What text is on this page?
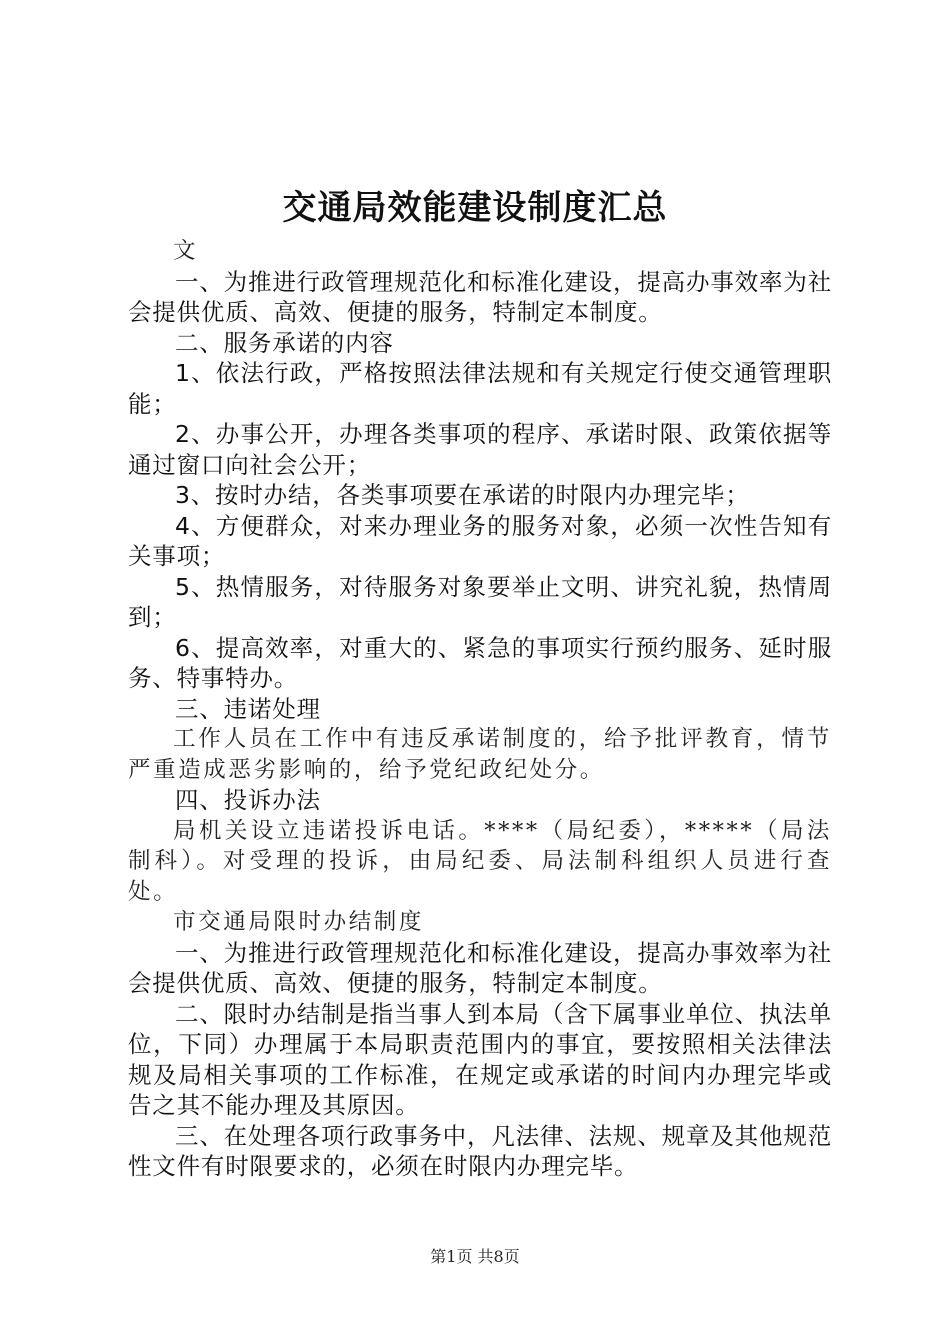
交通局效能建设制度汇总

文

一、为推进行政管理规范化和标准化建设，提高办事效率为社会提供优质、高效、便捷的服务，特制定本制度。

二、服务承诺的内容

1、依法行政，严格按照法律法规和有关规定行使交通管理职能；

2、办事公开，办理各类事项的程序、承诺时限、政策依据等通过窗口向社会公开；

3、按时办结，各类事项要在承诺的时限内办理完毕；

4、方便群众，对来办理业务的服务对象，必须一次性告知有关事项；

5、热情服务，对待服务对象要举止文明、讲究礼貌，热情周到；

6、提高效率，对重大的、紧急的事项实行预约服务、延时服务、特事特办。

三、违诺处理

工作人员在工作中有违反承诺制度的，给予批评教育，情节严重造成恶劣影响的，给予党纪政纪处分。

四、投诉办法

局机关设立违诺投诉电话。****（局纪委），*****（局法制科）。对受理的投诉，由局纪委、局法制科组织人员进行查处。

市交通局限时办结制度

一、为推进行政管理规范化和标准化建设，提高办事效率为社会提供优质、高效、便捷的服务，特制定本制度。

二、限时办结制是指当事人到本局（含下属事业单位、执法单位，下同）办理属于本局职责范围内的事宜，要按照相关法律法规及局相关事项的工作标准，在规定或承诺的时间内办理完毕或告之其不能办理及其原因。

三、在处理各项行政事务中，凡法律、法规、规章及其他规范性文件有时限要求的，必须在时限内办理完毕。

第1页 共8页
